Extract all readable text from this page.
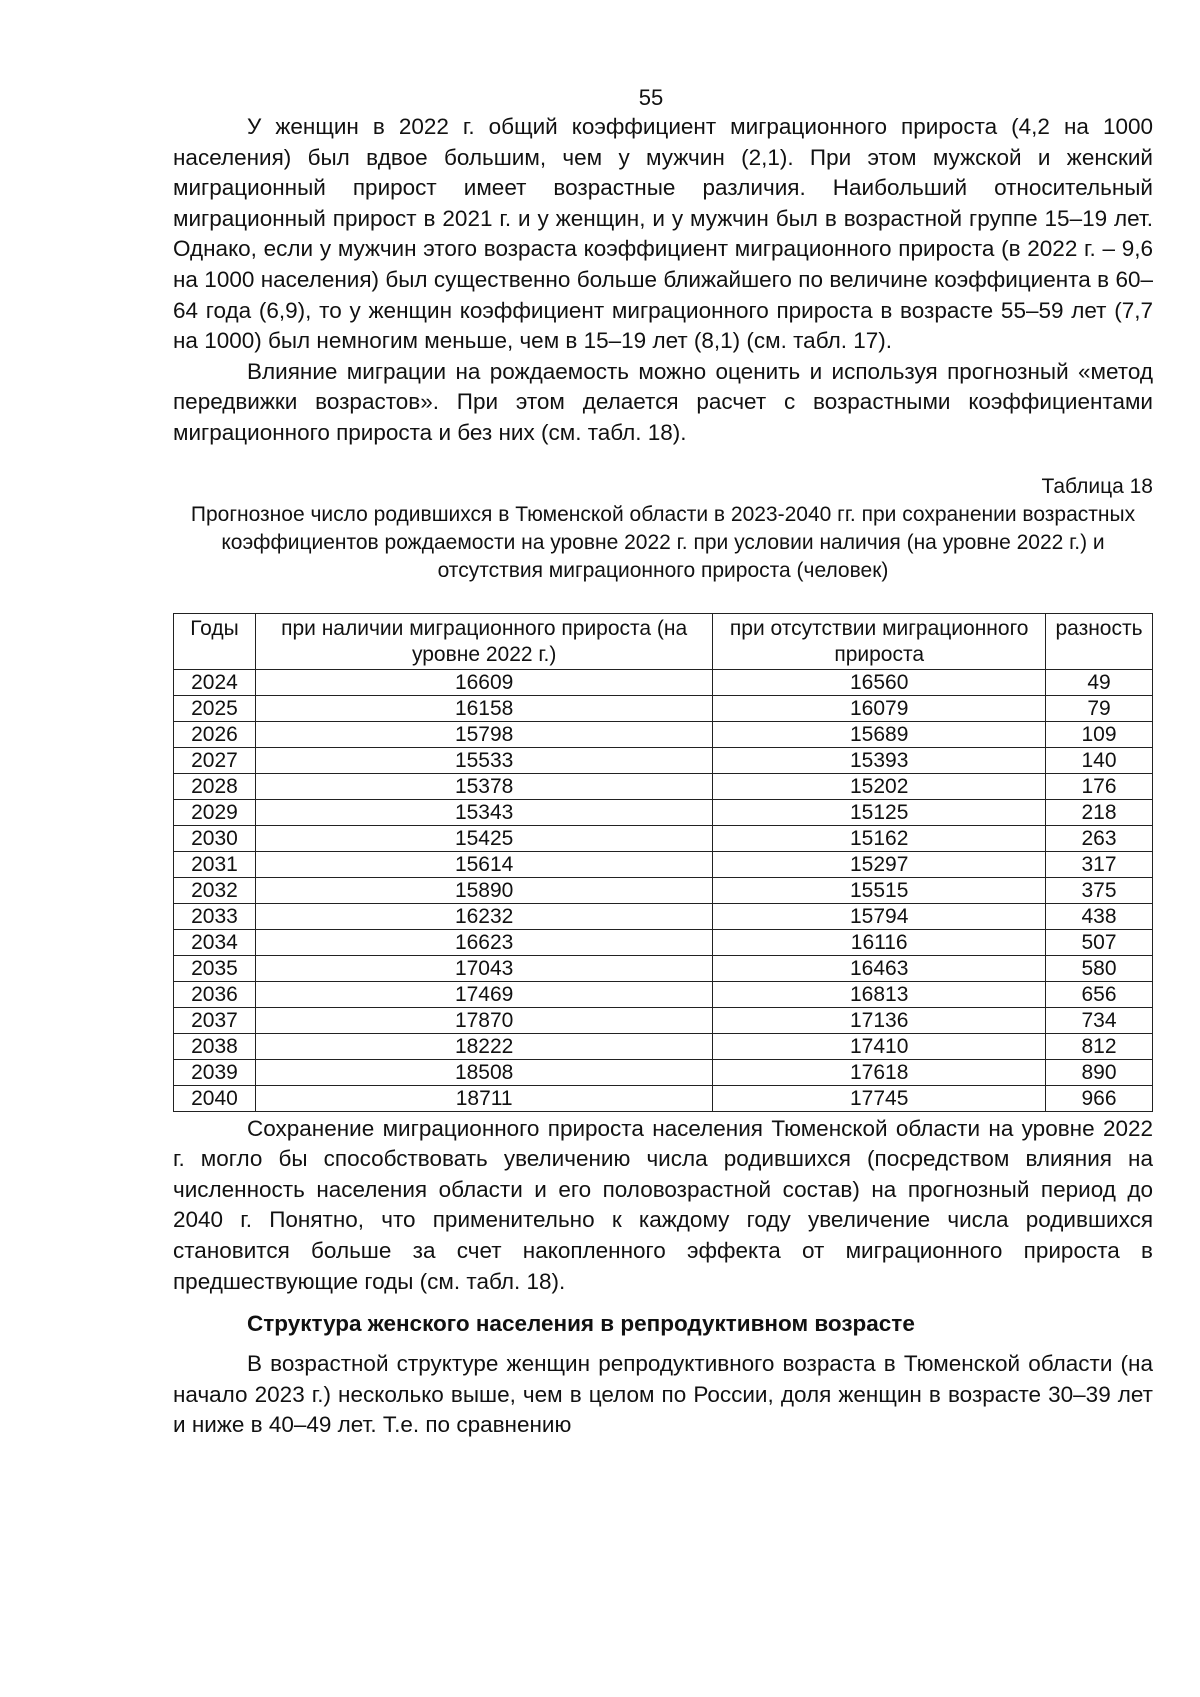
55

У женщин в 2022 г. общий коэффициент миграционного прироста (4,2 на 1000 населения) был вдвое большим, чем у мужчин (2,1). При этом мужской и женский миграционный прирост имеет возрастные различия. Наибольший относительный миграционный прирост в 2021 г. и у женщин, и у мужчин был в возрастной группе 15–19 лет. Однако, если у мужчин этого возраста коэффициент миграционного прироста (в 2022 г. – 9,6 на 1000 населения) был существенно больше ближайшего по величине коэффициента в 60–64 года (6,9), то у женщин коэффициент миграционного прироста в возрасте 55–59 лет (7,7 на 1000) был немногим меньше, чем в 15–19 лет (8,1) (см. табл. 17).

Влияние миграции на рождаемость можно оценить и используя прогнозный «метод передвижки возрастов». При этом делается расчет с возрастными коэффициентами миграционного прироста и без них (см. табл. 18).

Таблица 18
Прогнозное число родившихся в Тюменской области в 2023-2040 гг. при сохранении возрастных коэффициентов рождаемости на уровне 2022 г. при условии наличия (на уровне 2022 г.) и отсутствия миграционного прироста (человек)
Годы	при наличии миграционного прироста (на уровне 2022 г.)	при отсутствии миграционного прироста	разность
2024	16609	16560	49
2025	16158	16079	79
2026	15798	15689	109
2027	15533	15393	140
2028	15378	15202	176
2029	15343	15125	218
2030	15425	15162	263
2031	15614	15297	317
2032	15890	15515	375
2033	16232	15794	438
2034	16623	16116	507
2035	17043	16463	580
2036	17469	16813	656
2037	17870	17136	734
2038	18222	17410	812
2039	18508	17618	890
2040	18711	17745	966

Сохранение миграционного прироста населения Тюменской области на уровне 2022 г. могло бы способствовать увеличению числа родившихся (посредством влияния на численность населения области и его половозрастной состав) на прогнозный период до 2040 г. Понятно, что применительно к каждому году увеличение числа родившихся становится больше за счет накопленного эффекта от миграционного прироста в предшествующие годы (см. табл. 18).

Структура женского населения в репродуктивном возрасте

В возрастной структуре женщин репродуктивного возраста в Тюменской области (на начало 2023 г.) несколько выше, чем в целом по России, доля женщин в возрасте 30–39 лет и ниже в 40–49 лет. Т.е. по сравнению
